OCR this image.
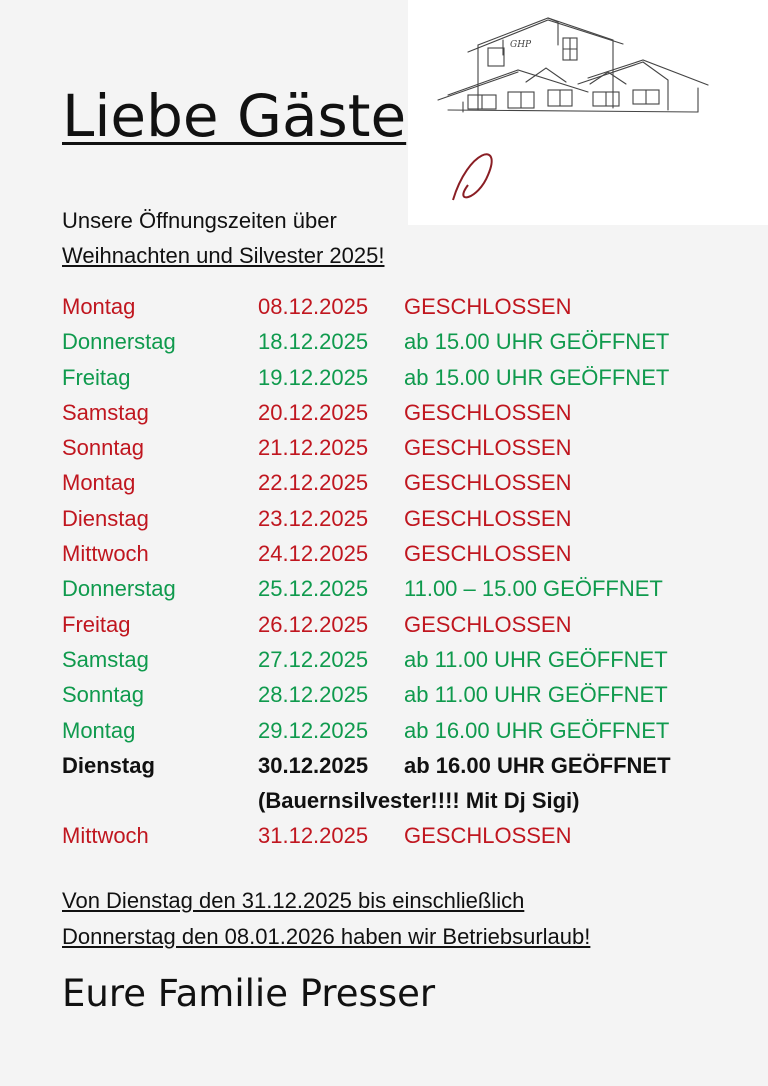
GHP
Liebe Gäste
Unsere Öffnungszeiten über
Weihnachten und Silvester 2025!
Montag	08.12.2025 GESCHLOSSEN
Donnerstag	18.12.2025 ab 15.00 UHR GEÖFFNET
Freitag	19.12.2025 ab 15.00 UHR GEÖFFNET
Samstag	20.12.2025 GESCHLOSSEN
Sonntag	21.12.2025 GESCHLOSSEN
Montag	22.12.2025 GESCHLOSSEN
Dienstag	23.12.2025 GESCHLOSSEN
Mittwoch	24.12.2025 GESCHLOSSEN
Donnerstag	25.12.2025 11.00 – 15.00 GEÖFFNET
Freitag	26.12.2025 GESCHLOSSEN
Samstag	27.12.2025 ab 11.00 UHR GEÖFFNET
Sonntag	28.12.2025 ab 11.00 UHR GEÖFFNET
Montag	29.12.2025 ab 16.00 UHR GEÖFFNET
Dienstag	30.12.2025 ab 16.00 UHR GEÖFFNET
(Bauernsilvester!!!! Mit Dj Sigi)
Mittwoch	31.12.2025 GESCHLOSSEN
Von Dienstag den 31.12.2025 bis einschließlich
Donnerstag den 08.01.2026 haben wir Betriebsurlaub!
Eure Familie Presser
